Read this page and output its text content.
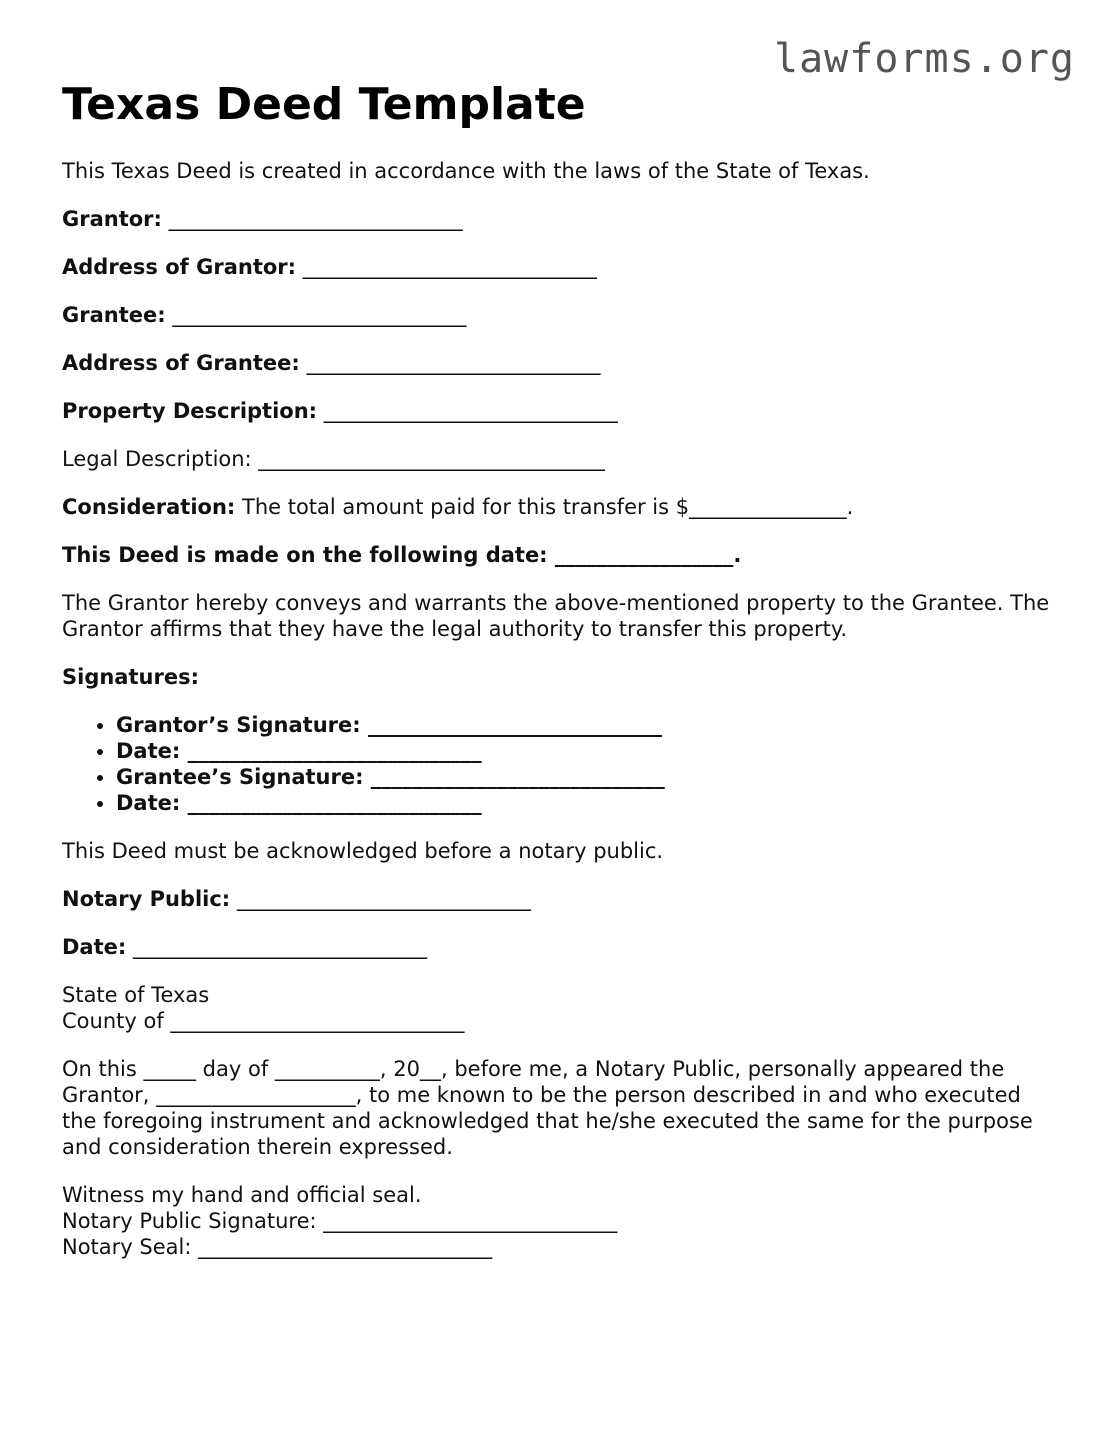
lawforms.org
Texas Deed Template

This Texas Deed is created in accordance with the laws of the State of Texas.

Grantor: ____________________________

Address of Grantor: ____________________________

Grantee: ____________________________

Address of Grantee: ____________________________

Property Description: ____________________________

Legal Description: _________________________________

Consideration: The total amount paid for this transfer is $_______________.

This Deed is made on the following date: _________________.

The Grantor hereby conveys and warrants the above-mentioned property to the Grantee. The Grantor affirms that they have the legal authority to transfer this property.

Signatures:

• Grantor’s Signature: ____________________________
• Date: ____________________________
• Grantee’s Signature: ____________________________
• Date: ____________________________

This Deed must be acknowledged before a notary public.

Notary Public: ____________________________

Date: ____________________________

State of Texas
County of ____________________________

On this _____ day of __________, 20__, before me, a Notary Public, personally appeared the Grantor, ___________________, to me known to be the person described in and who executed the foregoing instrument and acknowledged that he/she executed the same for the purpose and consideration therein expressed.

Witness my hand and official seal.
Notary Public Signature: ____________________________
Notary Seal: ____________________________
